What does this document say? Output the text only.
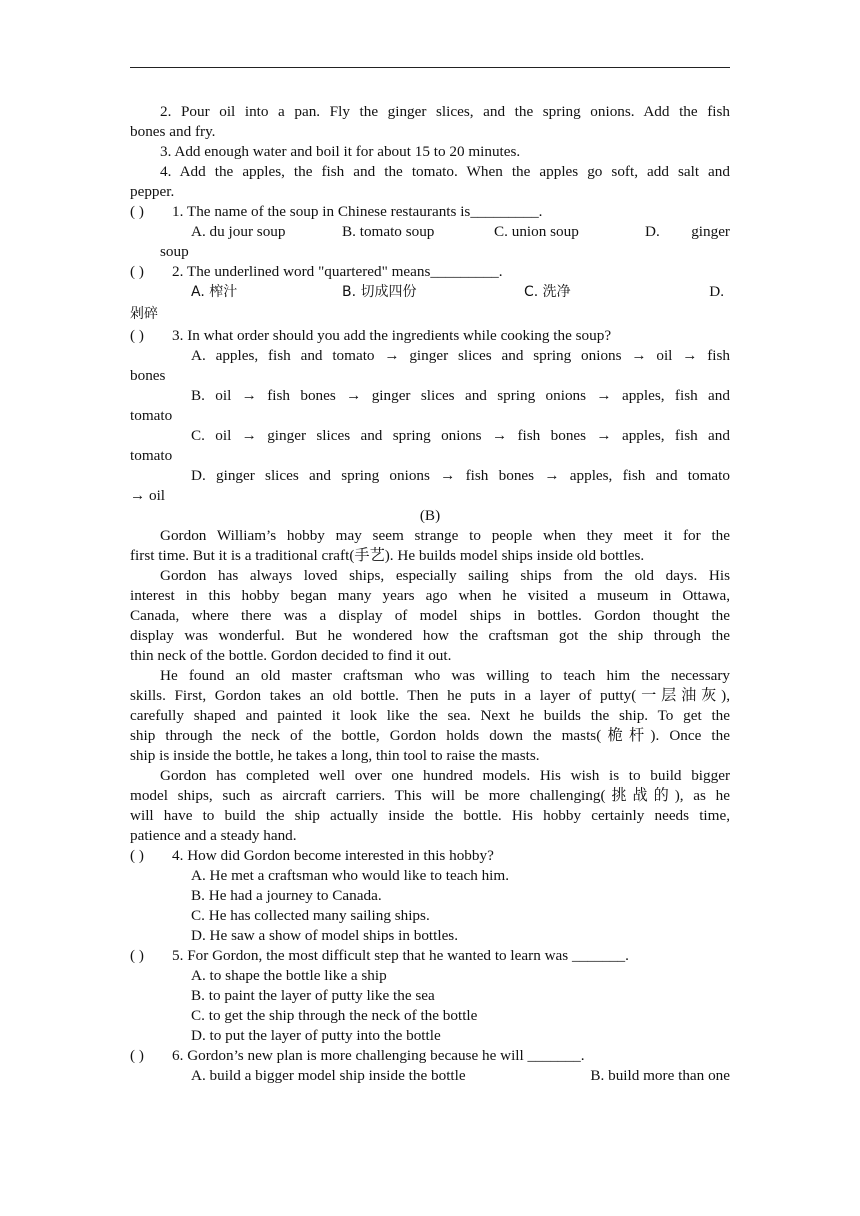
2. Pour oil into a pan. Fly the ginger slices, and the spring onions. Add the fish
bones and fry.
3. Add enough water and boil it for about 15 to 20 minutes.
4. Add the apples, the fish and the tomato. When the apples go soft, add salt and
pepper.
( ) 1. The name of the soup in Chinese restaurants is_________.
A. du jour soup	B. tomato soup	C. union soup	D. ginger
soup
( ) 2. The underlined word "quartered" means_________.
A. 榨汁	B. 切成四份	C. 洗净	D.
剁碎
( ) 3. In what order should you add the ingredients while cooking the soup?
A. apples, fish and tomato → ginger slices and spring onions → oil → fish
bones
B. oil → fish bones → ginger slices and spring onions → apples, fish and
tomato
C. oil → ginger slices and spring onions → fish bones → apples, fish and
tomato
D. ginger slices and spring onions → fish bones → apples, fish and tomato
→ oil
(B)
Gordon William’s hobby may seem strange to people when they meet it for the
first time. But it is a traditional craft(手艺). He builds model ships inside old bottles.
Gordon has always loved ships, especially sailing ships from the old days. His
interest in this hobby began many years ago when he visited a museum in Ottawa,
Canada, where there was a display of model ships in bottles. Gordon thought the
display was wonderful. But he wondered how the craftsman got the ship through the
thin neck of the bottle. Gordon decided to find it out.
He found an old master craftsman who was willing to teach him the necessary
skills. First, Gordon takes an old bottle. Then he puts in a layer of putty(一层油灰),
carefully shaped and painted it look like the sea. Next he builds the ship. To get the
ship through the neck of the bottle, Gordon holds down the masts(桅杆). Once the
ship is inside the bottle, he takes a long, thin tool to raise the masts.
Gordon has completed well over one hundred models. His wish is to build bigger
model ships, such as aircraft carriers. This will be more challenging(挑战的), as he
will have to build the ship actually inside the bottle. His hobby certainly needs time,
patience and a steady hand.
( ) 4. How did Gordon become interested in this hobby?
A. He met a craftsman who would like to teach him.
B. He had a journey to Canada.
C. He has collected many sailing ships.
D. He saw a show of model ships in bottles.
( ) 5. For Gordon, the most difficult step that he wanted to learn was _______.
A. to shape the bottle like a ship
B. to paint the layer of putty like the sea
C. to get the ship through the neck of the bottle
D. to put the layer of putty into the bottle
( ) 6. Gordon’s new plan is more challenging because he will _______.
A. build a bigger model ship inside the bottle	B. build more than one
